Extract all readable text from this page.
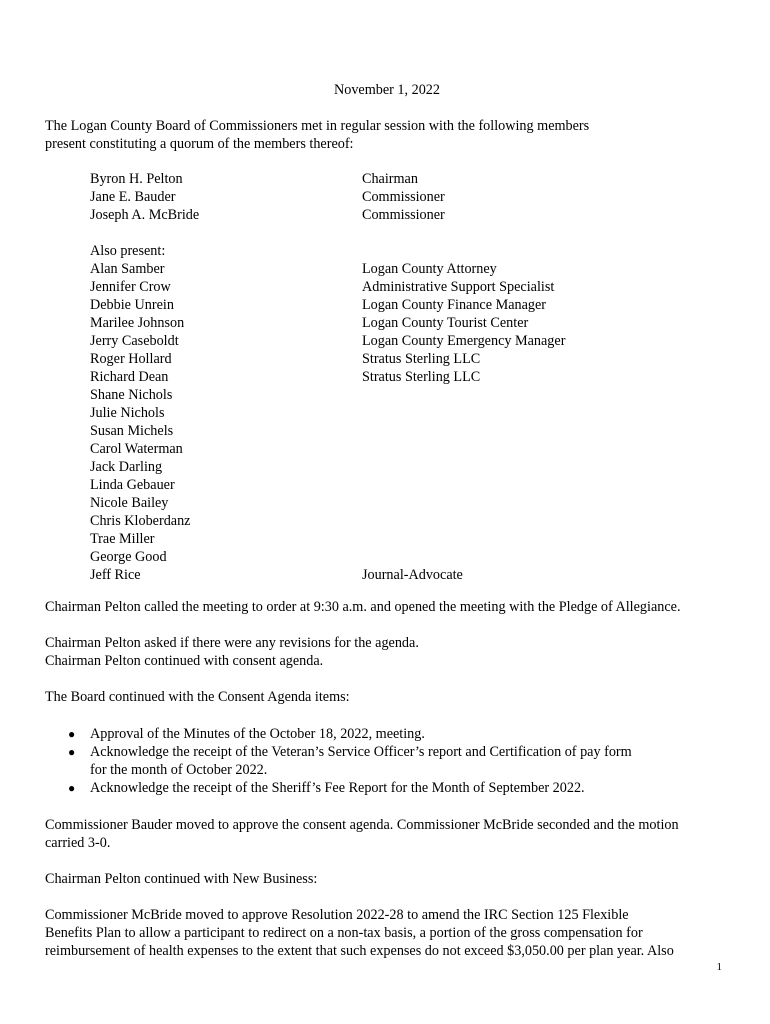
November 1, 2022
The Logan County Board of Commissioners met in regular session with the following members
present constituting a quorum of the members thereof:
Byron H. Pelton
Jane E. Bauder
Joseph A. McBride
Chairman
Commissioner
Commissioner
Also present:
Alan Samber
Jennifer Crow
Debbie Unrein
Marilee Johnson
Jerry Caseboldt
Roger Hollard
Richard Dean
Shane Nichols
Julie Nichols
Susan Michels
Carol Waterman
Jack Darling
Linda Gebauer
Nicole Bailey
Chris Kloberdanz
Trae Miller
George Good
Jeff Rice
Logan County Attorney
Administrative Support Specialist
Logan County Finance Manager
Logan County Tourist Center
Logan County Emergency Manager
Stratus Sterling LLC
Stratus Sterling LLC
Journal-Advocate
Chairman Pelton called the meeting to order at 9:30 a.m. and opened the meeting with the Pledge of Allegiance.
Chairman Pelton asked if there were any revisions for the agenda.
Chairman Pelton continued with consent agenda.
The Board continued with the Consent Agenda items:
● Approval of the Minutes of the October 18, 2022, meeting.
● Acknowledge the receipt of the Veteran’s Service Officer’s report and Certification of pay form
for the month of October 2022.
● Acknowledge the receipt of the Sheriff’s Fee Report for the Month of September 2022.
Commissioner Bauder moved to approve the consent agenda. Commissioner McBride seconded and the motion
carried 3-0.
Chairman Pelton continued with New Business:
Commissioner McBride moved to approve Resolution 2022-28 to amend the IRC Section 125 Flexible
Benefits Plan to allow a participant to redirect on a non-tax basis, a portion of the gross compensation for
reimbursement of health expenses to the extent that such expenses do not exceed $3,050.00 per plan year. Also
1
